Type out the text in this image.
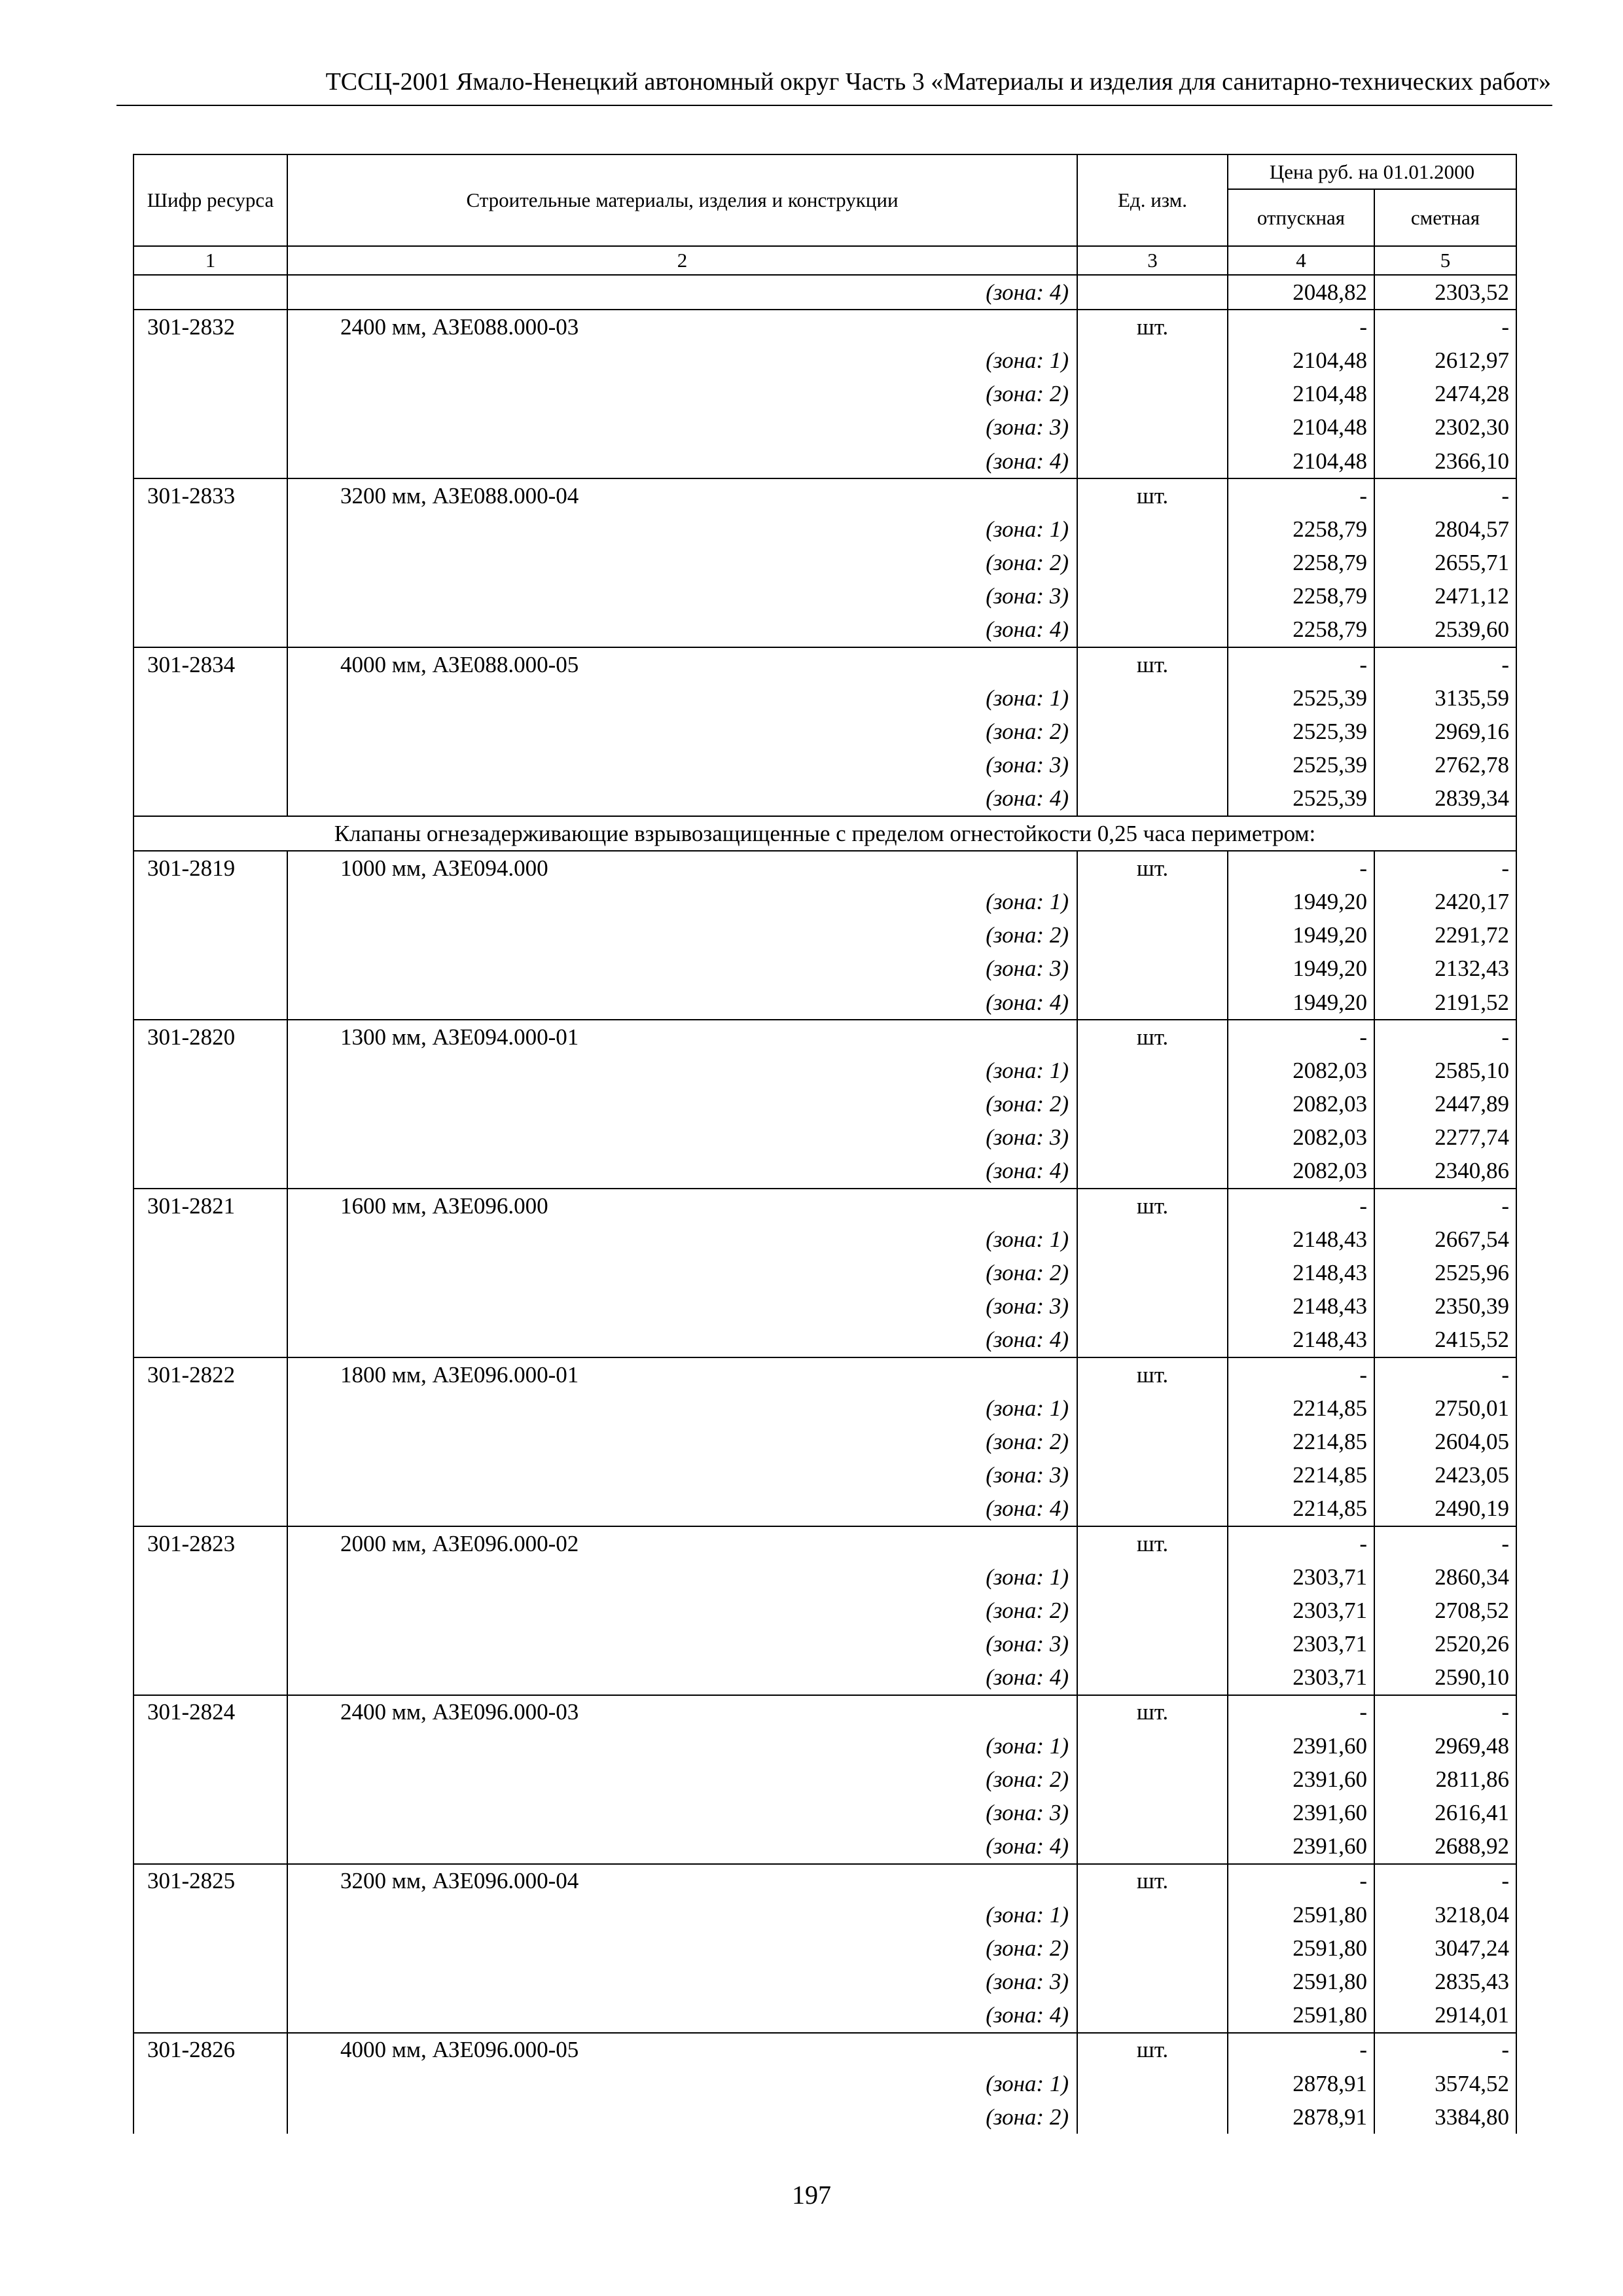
ТССЦ-2001 Ямало-Ненецкий автономный округ Часть 3 «Материалы и изделия для санитарно-технических работ»
Шифр ресурса	Строительные материалы, изделия и конструкции	Ед. изм.	Цена руб. на 01.01.2000	
			отпускная	сметная
1	2	3	4	5
	(зона: 4)		2048,82	2303,52
301-2832	2400 мм, АЗЕ088.000-03	шт.	-	-
	(зона: 1)		2104,48	2612,97
	(зона: 2)		2104,48	2474,28
	(зона: 3)		2104,48	2302,30
	(зона: 4)		2104,48	2366,10
301-2833	3200 мм, АЗЕ088.000-04	шт.	-	-
	(зона: 1)		2258,79	2804,57
	(зона: 2)		2258,79	2655,71
	(зона: 3)		2258,79	2471,12
	(зона: 4)		2258,79	2539,60
301-2834	4000 мм, АЗЕ088.000-05	шт.	-	-
	(зона: 1)		2525,39	3135,59
	(зона: 2)		2525,39	2969,16
	(зона: 3)		2525,39	2762,78
	(зона: 4)		2525,39	2839,34
Клапаны огнезадерживающие взрывозащищенные с пределом огнестойкости 0,25 часа периметром:				
301-2819	1000 мм, АЗЕ094.000	шт.	-	-
	(зона: 1)		1949,20	2420,17
	(зона: 2)		1949,20	2291,72
	(зона: 3)		1949,20	2132,43
	(зона: 4)		1949,20	2191,52
301-2820	1300 мм, АЗЕ094.000-01	шт.	-	-
	(зона: 1)		2082,03	2585,10
	(зона: 2)		2082,03	2447,89
	(зона: 3)		2082,03	2277,74
	(зона: 4)		2082,03	2340,86
301-2821	1600 мм, АЗЕ096.000	шт.	-	-
	(зона: 1)		2148,43	2667,54
	(зона: 2)		2148,43	2525,96
	(зона: 3)		2148,43	2350,39
	(зона: 4)		2148,43	2415,52
301-2822	1800 мм, АЗЕ096.000-01	шт.	-	-
	(зона: 1)		2214,85	2750,01
	(зона: 2)		2214,85	2604,05
	(зона: 3)		2214,85	2423,05
	(зона: 4)		2214,85	2490,19
301-2823	2000 мм, АЗЕ096.000-02	шт.	-	-
	(зона: 1)		2303,71	2860,34
	(зона: 2)		2303,71	2708,52
	(зона: 3)		2303,71	2520,26
	(зона: 4)		2303,71	2590,10
301-2824	2400 мм, АЗЕ096.000-03	шт.	-	-
	(зона: 1)		2391,60	2969,48
	(зона: 2)		2391,60	2811,86
	(зона: 3)		2391,60	2616,41
	(зона: 4)		2391,60	2688,92
301-2825	3200 мм, АЗЕ096.000-04	шт.	-	-
	(зона: 1)		2591,80	3218,04
	(зона: 2)		2591,80	3047,24
	(зона: 3)		2591,80	2835,43
	(зона: 4)		2591,80	2914,01
301-2826	4000 мм, АЗЕ096.000-05	шт.	-	-
	(зона: 1)		2878,91	3574,52
	(зона: 2)		2878,91	3384,80
197
